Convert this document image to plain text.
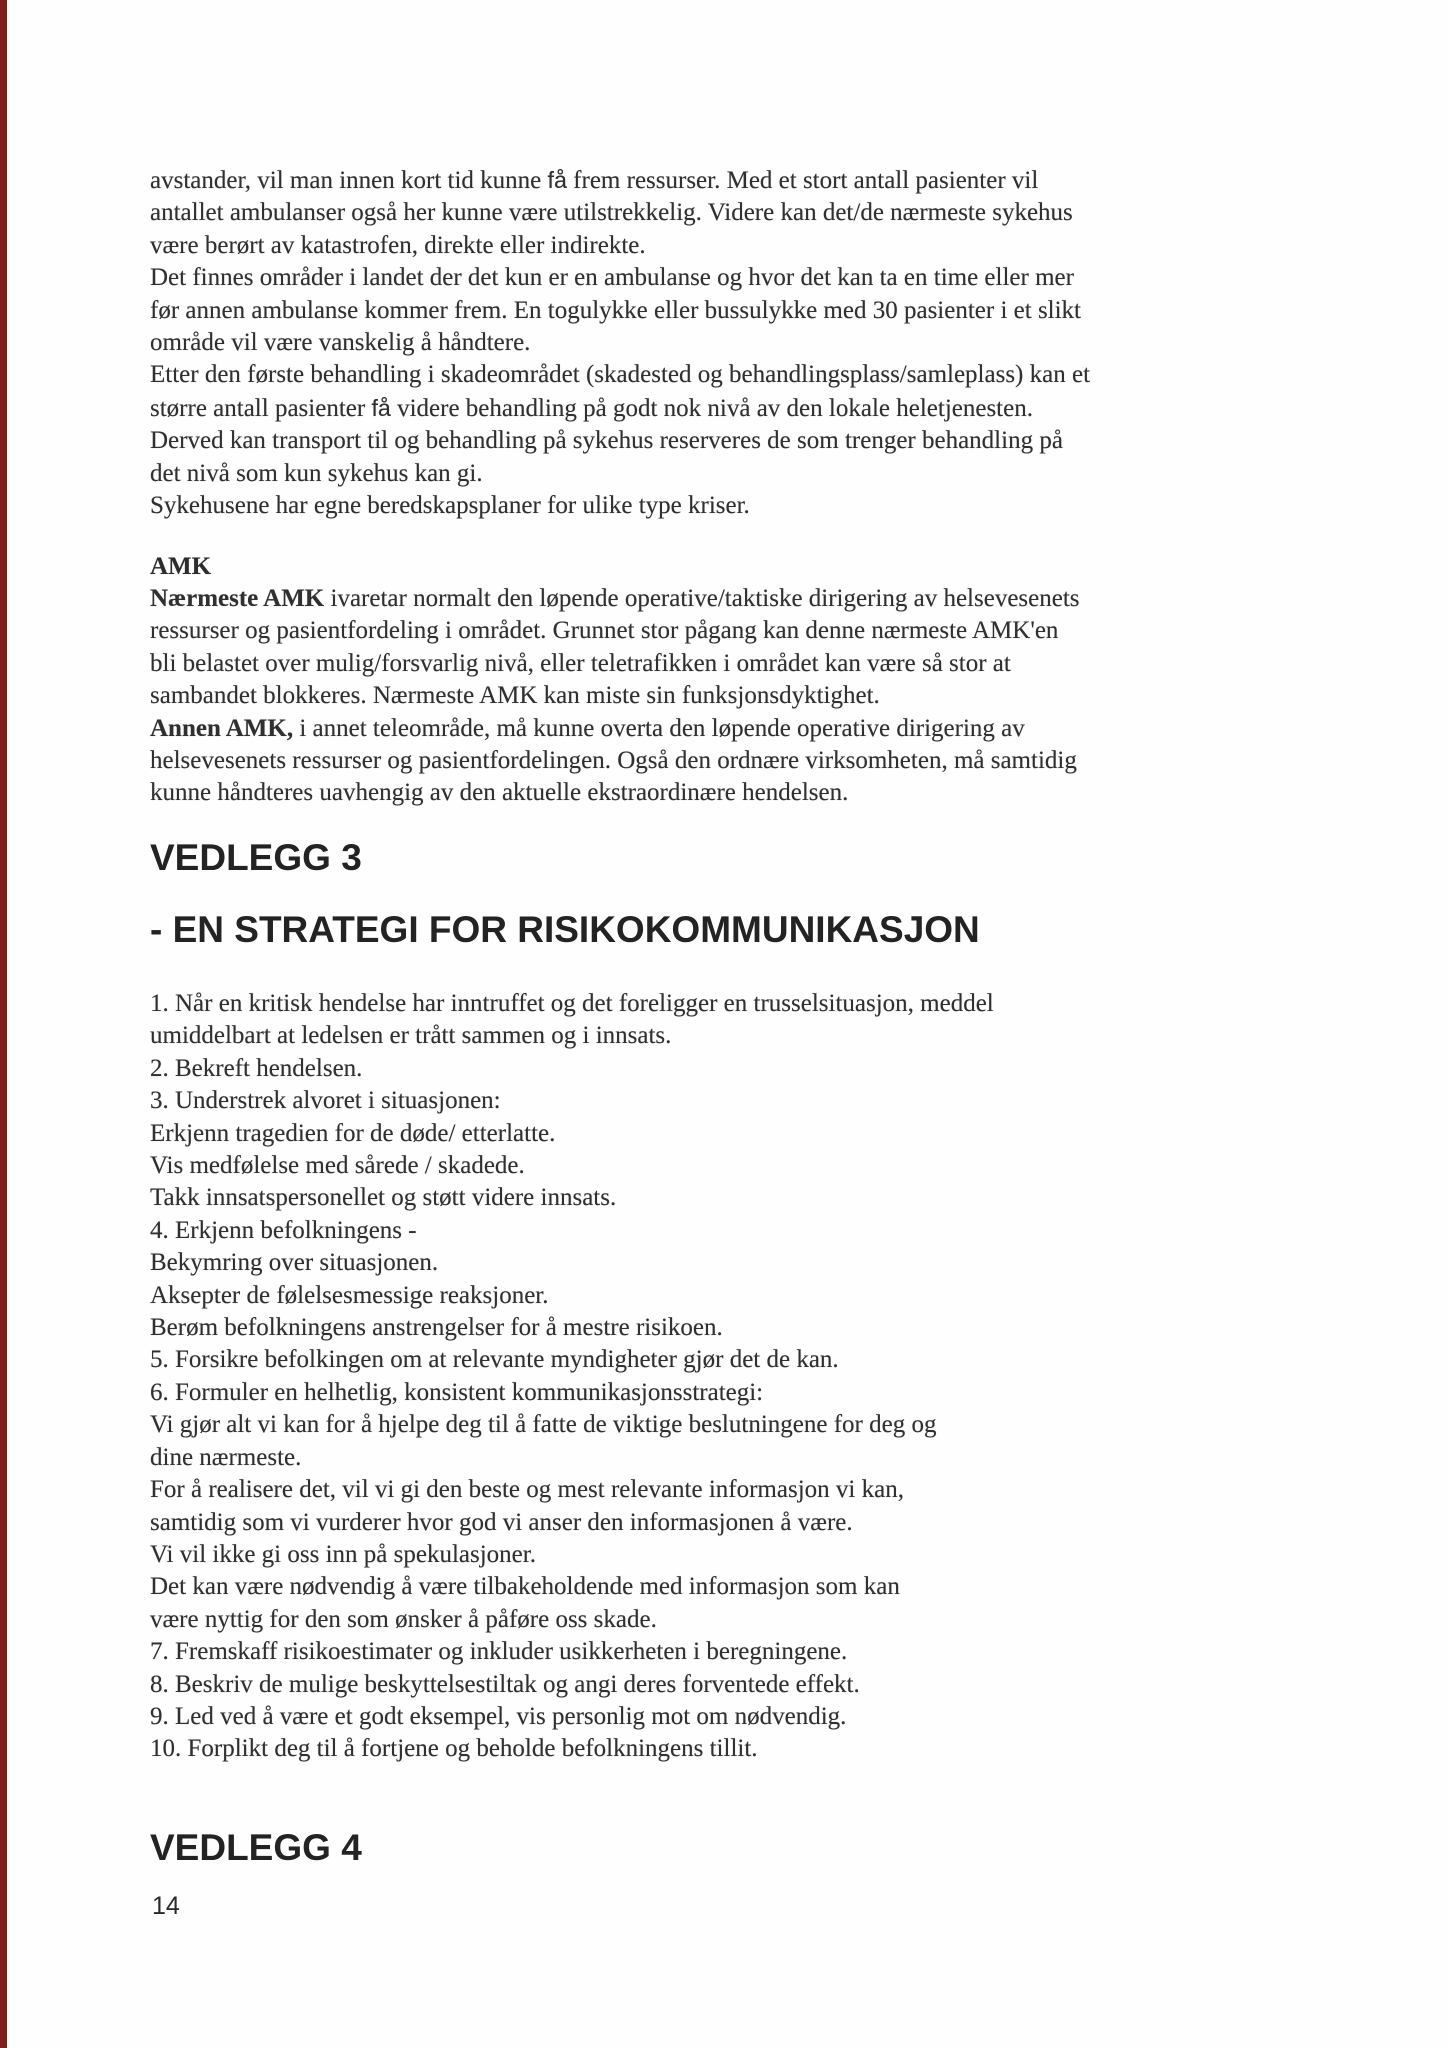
avstander, vil man innen kort tid kunne få frem ressurser. Med et stort antall pasienter vil
antallet ambulanser også her kunne være utilstrekkelig. Videre kan det/de nærmeste sykehus
være berørt av katastrofen, direkte eller indirekte.
Det finnes områder i landet der det kun er en ambulanse og hvor det kan ta en time eller mer
før annen ambulanse kommer frem. En togulykke eller bussulykke med 30 pasienter i et slikt
område vil være vanskelig å håndtere.
Etter den første behandling i skadeområdet (skadested og behandlingsplass/samleplass) kan et
større antall pasienter få videre behandling på godt nok nivå av den lokale heletjenesten.
Derved kan transport til og behandling på sykehus reserveres de som trenger behandling på
det nivå som kun sykehus kan gi.
Sykehusene har egne beredskapsplaner for ulike type kriser.
AMK
Nærmeste AMK ivaretar normalt den løpende operative/taktiske dirigering av helsevesenets
ressurser og pasientfordeling i området. Grunnet stor pågang kan denne nærmeste AMK'en
bli belastet over mulig/forsvarlig nivå, eller teletrafikken i området kan være så stor at
sambandet blokkeres. Nærmeste AMK kan miste sin funksjonsdyktighet.
Annen AMK, i annet teleområde, må kunne overta den løpende operative dirigering av
helsevesenets ressurser og pasientfordelingen. Også den ordnære virksomheten, må samtidig
kunne håndteres uavhengig av den aktuelle ekstraordinære hendelsen.
VEDLEGG 3
- EN STRATEGI FOR RISIKOKOMMUNIKASJON
1. Når en kritisk hendelse har inntruffet og det foreligger en trusselsituasjon, meddel
umiddelbart at ledelsen er trått sammen og i innsats.
2. Bekreft hendelsen.
3. Understrek alvoret i situasjonen:
Erkjenn tragedien for de døde/ etterlatte.
Vis medfølelse med sårede / skadede.
Takk innsatspersonellet og støtt videre innsats.
4. Erkjenn befolkningens -
Bekymring over situasjonen.
Aksepter de følelsesmessige reaksjoner.
Berøm befolkningens anstrengelser for å mestre risikoen.
5. Forsikre befolkingen om at relevante myndigheter gjør det de kan.
6. Formuler en helhetlig, konsistent kommunikasjonsstrategi:
Vi gjør alt vi kan for å hjelpe deg til å fatte de viktige beslutningene for deg og
dine nærmeste.
For å realisere det, vil vi gi den beste og mest relevante informasjon vi kan,
samtidig som vi vurderer hvor god vi anser den informasjonen å være.
Vi vil ikke gi oss inn på spekulasjoner.
Det kan være nødvendig å være tilbakeholdende med informasjon som kan
være nyttig for den som ønsker å påføre oss skade.
7. Fremskaff risikoestimater og inkluder usikkerheten i beregningene.
8. Beskriv de mulige beskyttelsestiltak og angi deres forventede effekt.
9. Led ved å være et godt eksempel, vis personlig mot om nødvendig.
10. Forplikt deg til å fortjene og beholde befolkningens tillit.
VEDLEGG 4
14
